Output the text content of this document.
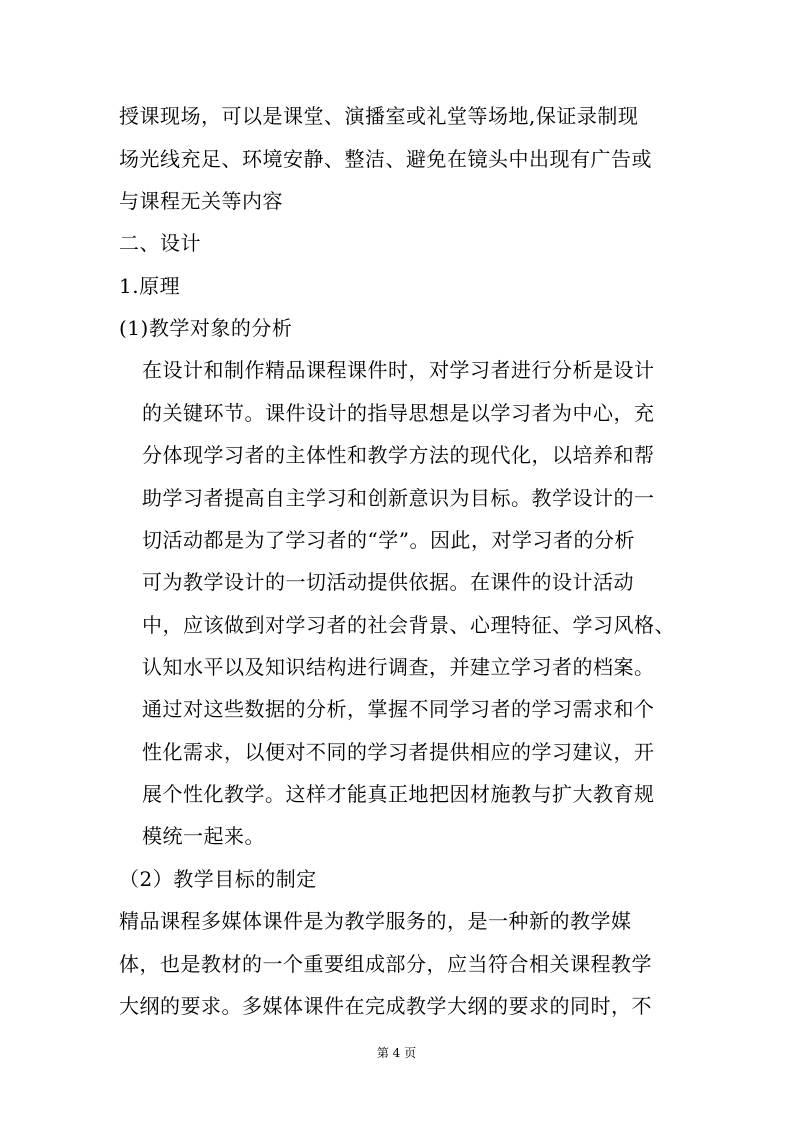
授课现场，可以是课堂、演播室或礼堂等场地,保证录制现
场光线充足、环境安静、整洁、避免在镜头中出现有广告或
与课程无关等内容
二、设计
1.原理
(1)教学对象的分析
在设计和制作精品课程课件时，对学习者进行分析是设计
的关键环节。课件设计的指导思想是以学习者为中心，充
分体现学习者的主体性和教学方法的现代化，以培养和帮
助学习者提高自主学习和创新意识为目标。教学设计的一
切活动都是为了学习者的“学”。因此，对学习者的分析
可为教学设计的一切活动提供依据。在课件的设计活动
中，应该做到对学习者的社会背景、心理特征、学习风格、
认知水平以及知识结构进行调查，并建立学习者的档案。
通过对这些数据的分析，掌握不同学习者的学习需求和个
性化需求，以便对不同的学习者提供相应的学习建议，开
展个性化教学。这样才能真正地把因材施教与扩大教育规
模统一起来。
（2）教学目标的制定
精品课程多媒体课件是为教学服务的，是一种新的教学媒
体，也是教材的一个重要组成部分，应当符合相关课程教学
大纲的要求。多媒体课件在完成教学大纲的要求的同时，不
第 4 页
